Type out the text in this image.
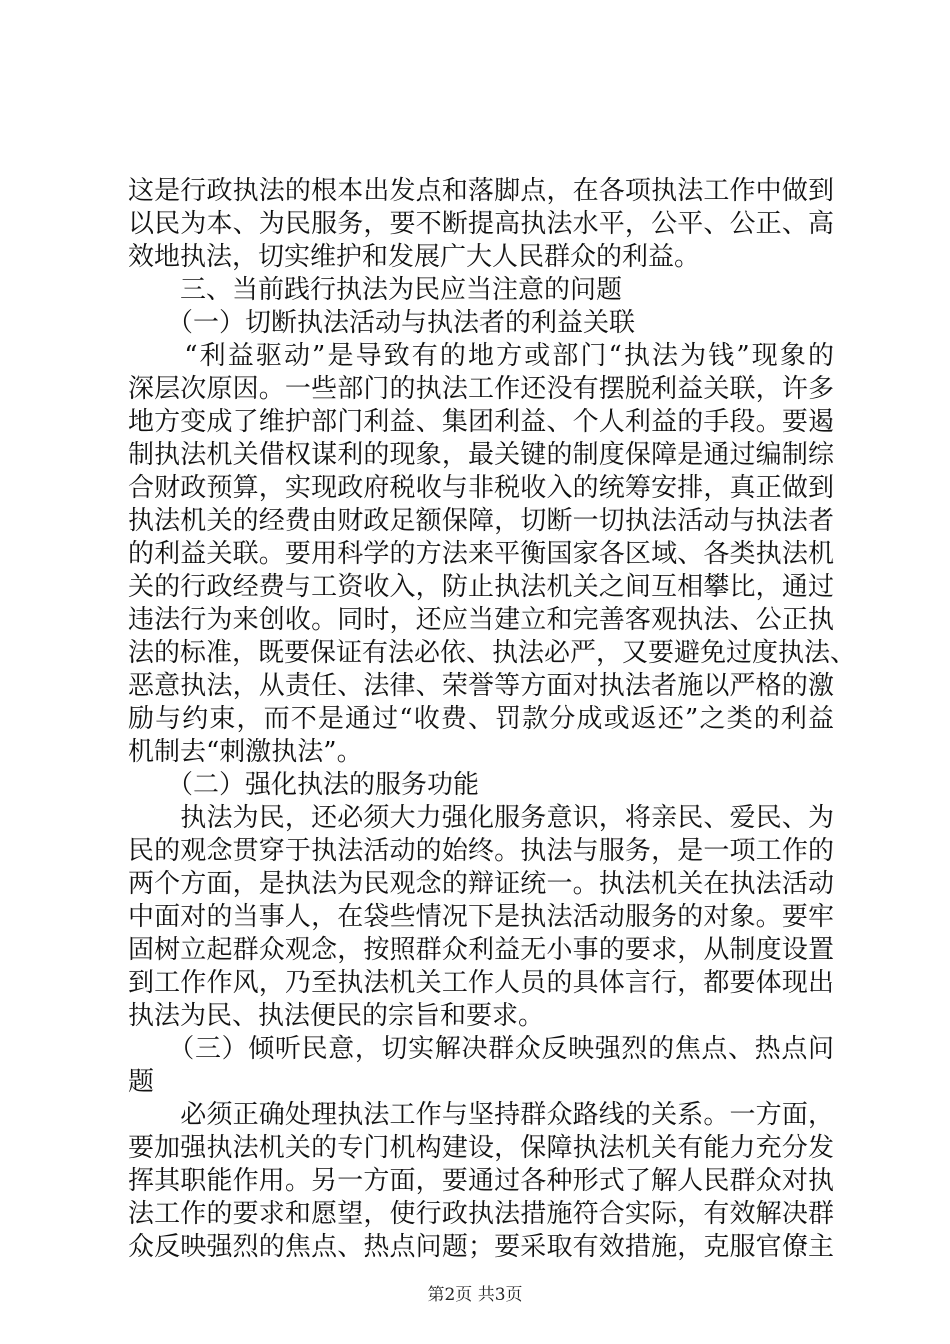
这是行政执法的根本出发点和落脚点，在各项执法工作中做到
以民为本、为民服务，要不断提高执法水平，公平、公正、高
效地执法，切实维护和发展广大人民群众的利益。
　　三、当前践行执法为民应当注意的问题
　　（一）切断执法活动与执法者的利益关联
　　“利益驱动”是导致有的地方或部门“执法为钱”现象的
深层次原因。一些部门的执法工作还没有摆脱利益关联，许多
地方变成了维护部门利益、集团利益、个人利益的手段。要遏
制执法机关借权谋利的现象，最关键的制度保障是通过编制综
合财政预算，实现政府税收与非税收入的统筹安排，真正做到
执法机关的经费由财政足额保障，切断一切执法活动与执法者
的利益关联。要用科学的方法来平衡国家各区域、各类执法机
关的行政经费与工资收入，防止执法机关之间互相攀比，通过
违法行为来创收。同时，还应当建立和完善客观执法、公正执
法的标准，既要保证有法必依、执法必严，又要避免过度执法、
恶意执法，从责任、法律、荣誉等方面对执法者施以严格的激
励与约束，而不是通过“收费、罚款分成或返还”之类的利益
机制去“刺激执法”。
　　（二）强化执法的服务功能
　　执法为民，还必须大力强化服务意识，将亲民、爱民、为
民的观念贯穿于执法活动的始终。执法与服务，是一项工作的
两个方面，是执法为民观念的辩证统一。执法机关在执法活动
中面对的当事人，在袋些情况下是执法活动服务的对象。要牢
固树立起群众观念，按照群众利益无小事的要求，从制度设置
到工作作风，乃至执法机关工作人员的具体言行，都要体现出
执法为民、执法便民的宗旨和要求。
　　（三）倾听民意，切实解决群众反映强烈的焦点、热点问
题
　　必须正确处理执法工作与坚持群众路线的关系。一方面，
要加强执法机关的专门机构建设，保障执法机关有能力充分发
挥其职能作用。另一方面，要通过各种形式了解人民群众对执
法工作的要求和愿望，使行政执法措施符合实际，有效解决群
众反映强烈的焦点、热点问题；要采取有效措施，克服官僚主
第2页 共3页
